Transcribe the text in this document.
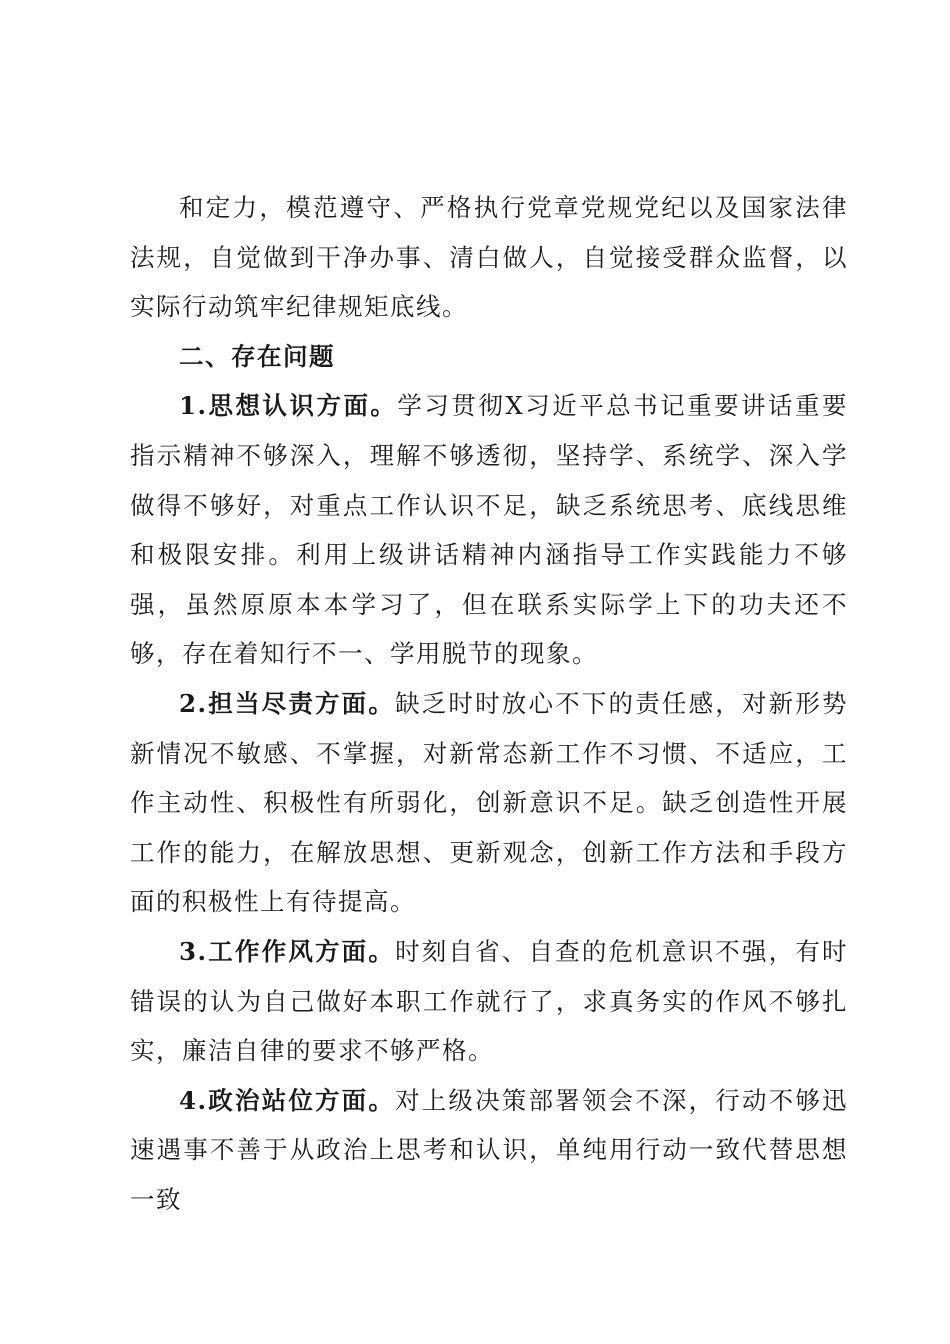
和定力，模范遵守、严格执行党章党规党纪以及国家法律法规，自觉做到干净办事、清白做人，自觉接受群众监督，以实际行动筑牢纪律规矩底线。

二、存在问题

1.思想认识方面。学习贯彻X习近平总书记重要讲话重要指示精神不够深入，理解不够透彻，坚持学、系统学、深入学做得不够好，对重点工作认识不足，缺乏系统思考、底线思维和极限安排。利用上级讲话精神内涵指导工作实践能力不够强，虽然原原本本学习了，但在联系实际学上下的功夫还不够，存在着知行不一、学用脱节的现象。

2.担当尽责方面。缺乏时时放心不下的责任感，对新形势新情况不敏感、不掌握，对新常态新工作不习惯、不适应，工作主动性、积极性有所弱化，创新意识不足。缺乏创造性开展工作的能力，在解放思想、更新观念，创新工作方法和手段方面的积极性上有待提高。

3.工作作风方面。时刻自省、自查的危机意识不强，有时错误的认为自己做好本职工作就行了，求真务实的作风不够扎实，廉洁自律的要求不够严格。

4.政治站位方面。对上级决策部署领会不深，行动不够迅速遇事不善于从政治上思考和认识，单纯用行动一致代替思想一致
